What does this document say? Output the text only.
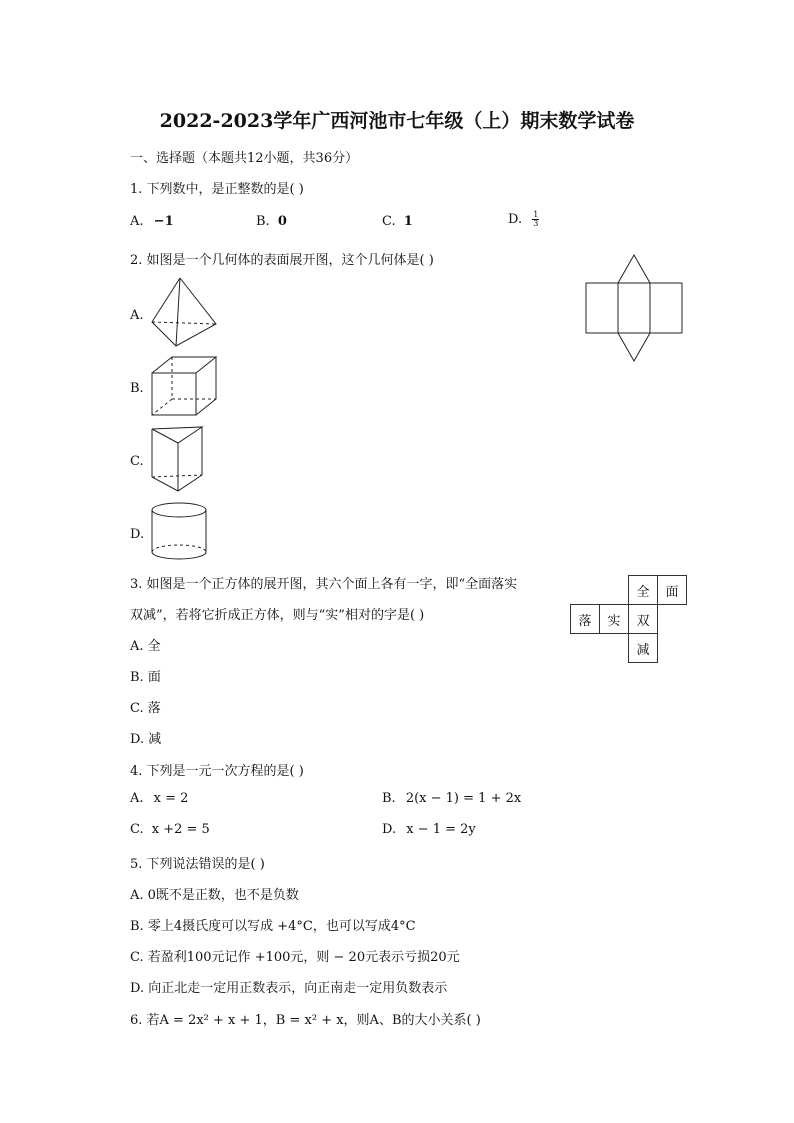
2022-2023学年广西河池市七年级（上）期末数学试卷
一、选择题（本题共12小题，共36分）
1. 下列数中，是正整数的是( )
A. −1	B. 0	C. 1	D. $\frac{1}{3}$
2. 如图是一个几何体的表面展开图，这个几何体是( )
A.
B.
C.
D.
3. 如图是一个正方体的展开图，其六个面上各有一字，即“全面落实
双减”，若将它折成正方体，则与“实”相对的字是( )
		全	面
落	实	双	
		减	
A. 全
B. 面
C. 落
D. 减
4. 下列是一元一次方程的是( )
A. x = 2	B. 2(x − 1) = 1 + 2x
C. x +2 = 5	D. x − 1 = 2y
5. 下列说法错误的是( )
A. 0既不是正数，也不是负数
B. 零上4摄氏度可以写成 +4°C，也可以写成4°C
C. 若盈利100元记作 +100元，则 − 20元表示亏损20元
D. 向正北走一定用正数表示，向正南走一定用负数表示
6. 若A = 2x² + x + 1，B = x² + x，则A、B的大小关系( )
